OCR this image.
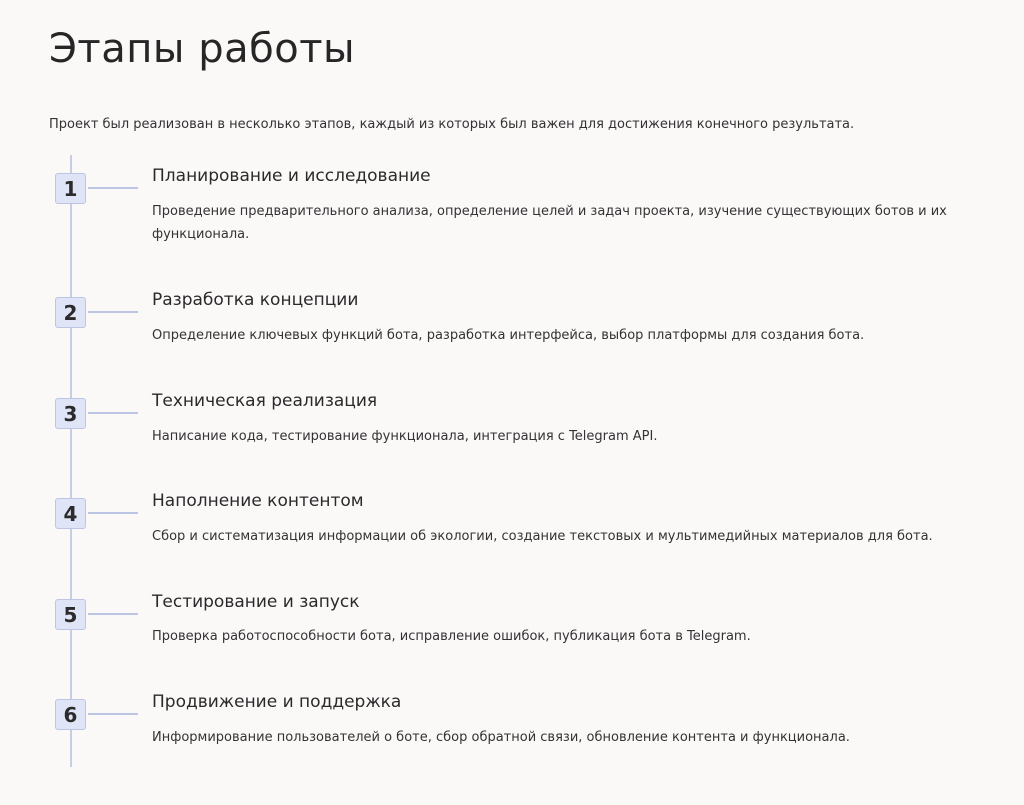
Этапы работы

Проект был реализован в несколько этапов, каждый из которых был важен для достижения конечного результата.

1

Планирование и исследование

Проведение предварительного анализа, определение целей и задач проекта, изучение существующих ботов и их функционала.

2

Разработка концепции

Определение ключевых функций бота, разработка интерфейса, выбор платформы для создания бота.

3

Техническая реализация

Написание кода, тестирование функционала, интеграция с Telegram API.

4

Наполнение контентом

Сбор и систематизация информации об экологии, создание текстовых и мультимедийных материалов для бота.

5

Тестирование и запуск

Проверка работоспособности бота, исправление ошибок, публикация бота в Telegram.

6

Продвижение и поддержка

Информирование пользователей о боте, сбор обратной связи, обновление контента и функционала.
